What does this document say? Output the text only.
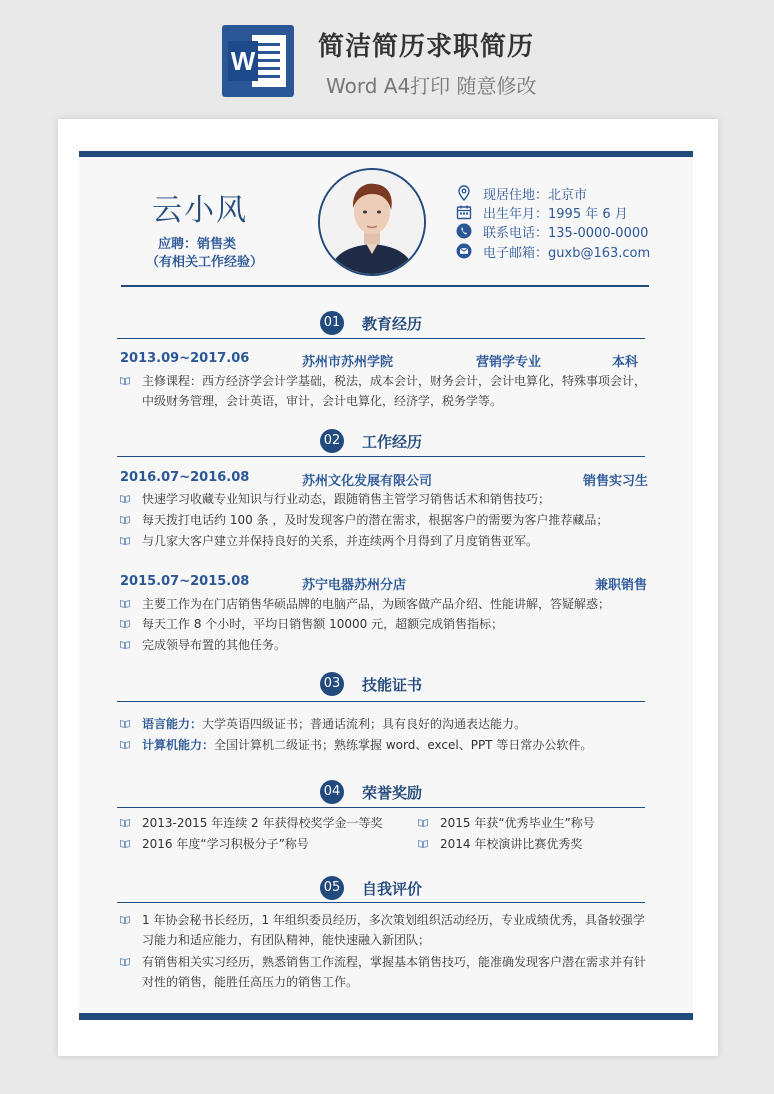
W 简洁简历求职简历
Word A4打印 随意修改
云小风
应聘：销售类
（有相关工作经验）
现居住地：北京市
出生年月：1995 年 6 月
联系电话：135-0000-0000
电子邮箱：guxb@163.com
01 教育经历
2013.09~2017.06	苏州市苏州学院	营销学专业	本科
主修课程：西方经济学会计学基础，税法，成本会计，财务会计，会计电算化，特殊事项会计，中级财务管理，会计英语，审计，会计电算化，经济学，税务学等。
02 工作经历
2016.07~2016.08	苏州文化发展有限公司	销售实习生
快速学习收藏专业知识与行业动态，跟随销售主管学习销售话术和销售技巧；
每天拨打电话约 100 条 ，及时发现客户的潜在需求，根据客户的需要为客户推荐藏品；
与几家大客户建立并保持良好的关系，并连续两个月得到了月度销售亚军。
2015.07~2015.08	苏宁电器苏州分店	兼职销售
主要工作为在门店销售华硕品牌的电脑产品，为顾客做产品介绍、性能讲解，答疑解惑；
每天工作 8 个小时，平均日销售额 10000 元，超额完成销售指标；
完成领导布置的其他任务。
03 技能证书
语言能力：大学英语四级证书；普通话流利；具有良好的沟通表达能力。
计算机能力：全国计算机二级证书；熟练掌握 word、excel、PPT 等日常办公软件。
04 荣誉奖励
2013-2015 年连续 2 年获得校奖学金一等奖	2015 年获“优秀毕业生”称号
2016 年度“学习积极分子”称号	2014 年校演讲比赛优秀奖
05 自我评价
1 年协会秘书长经历，1 年组织委员经历，多次策划组织活动经历，专业成绩优秀，具备较强学习能力和适应能力，有团队精神，能快速融入新团队；
有销售相关实习经历，熟悉销售工作流程，掌握基本销售技巧，能准确发现客户潜在需求并有针对性的销售，能胜任高压力的销售工作。
